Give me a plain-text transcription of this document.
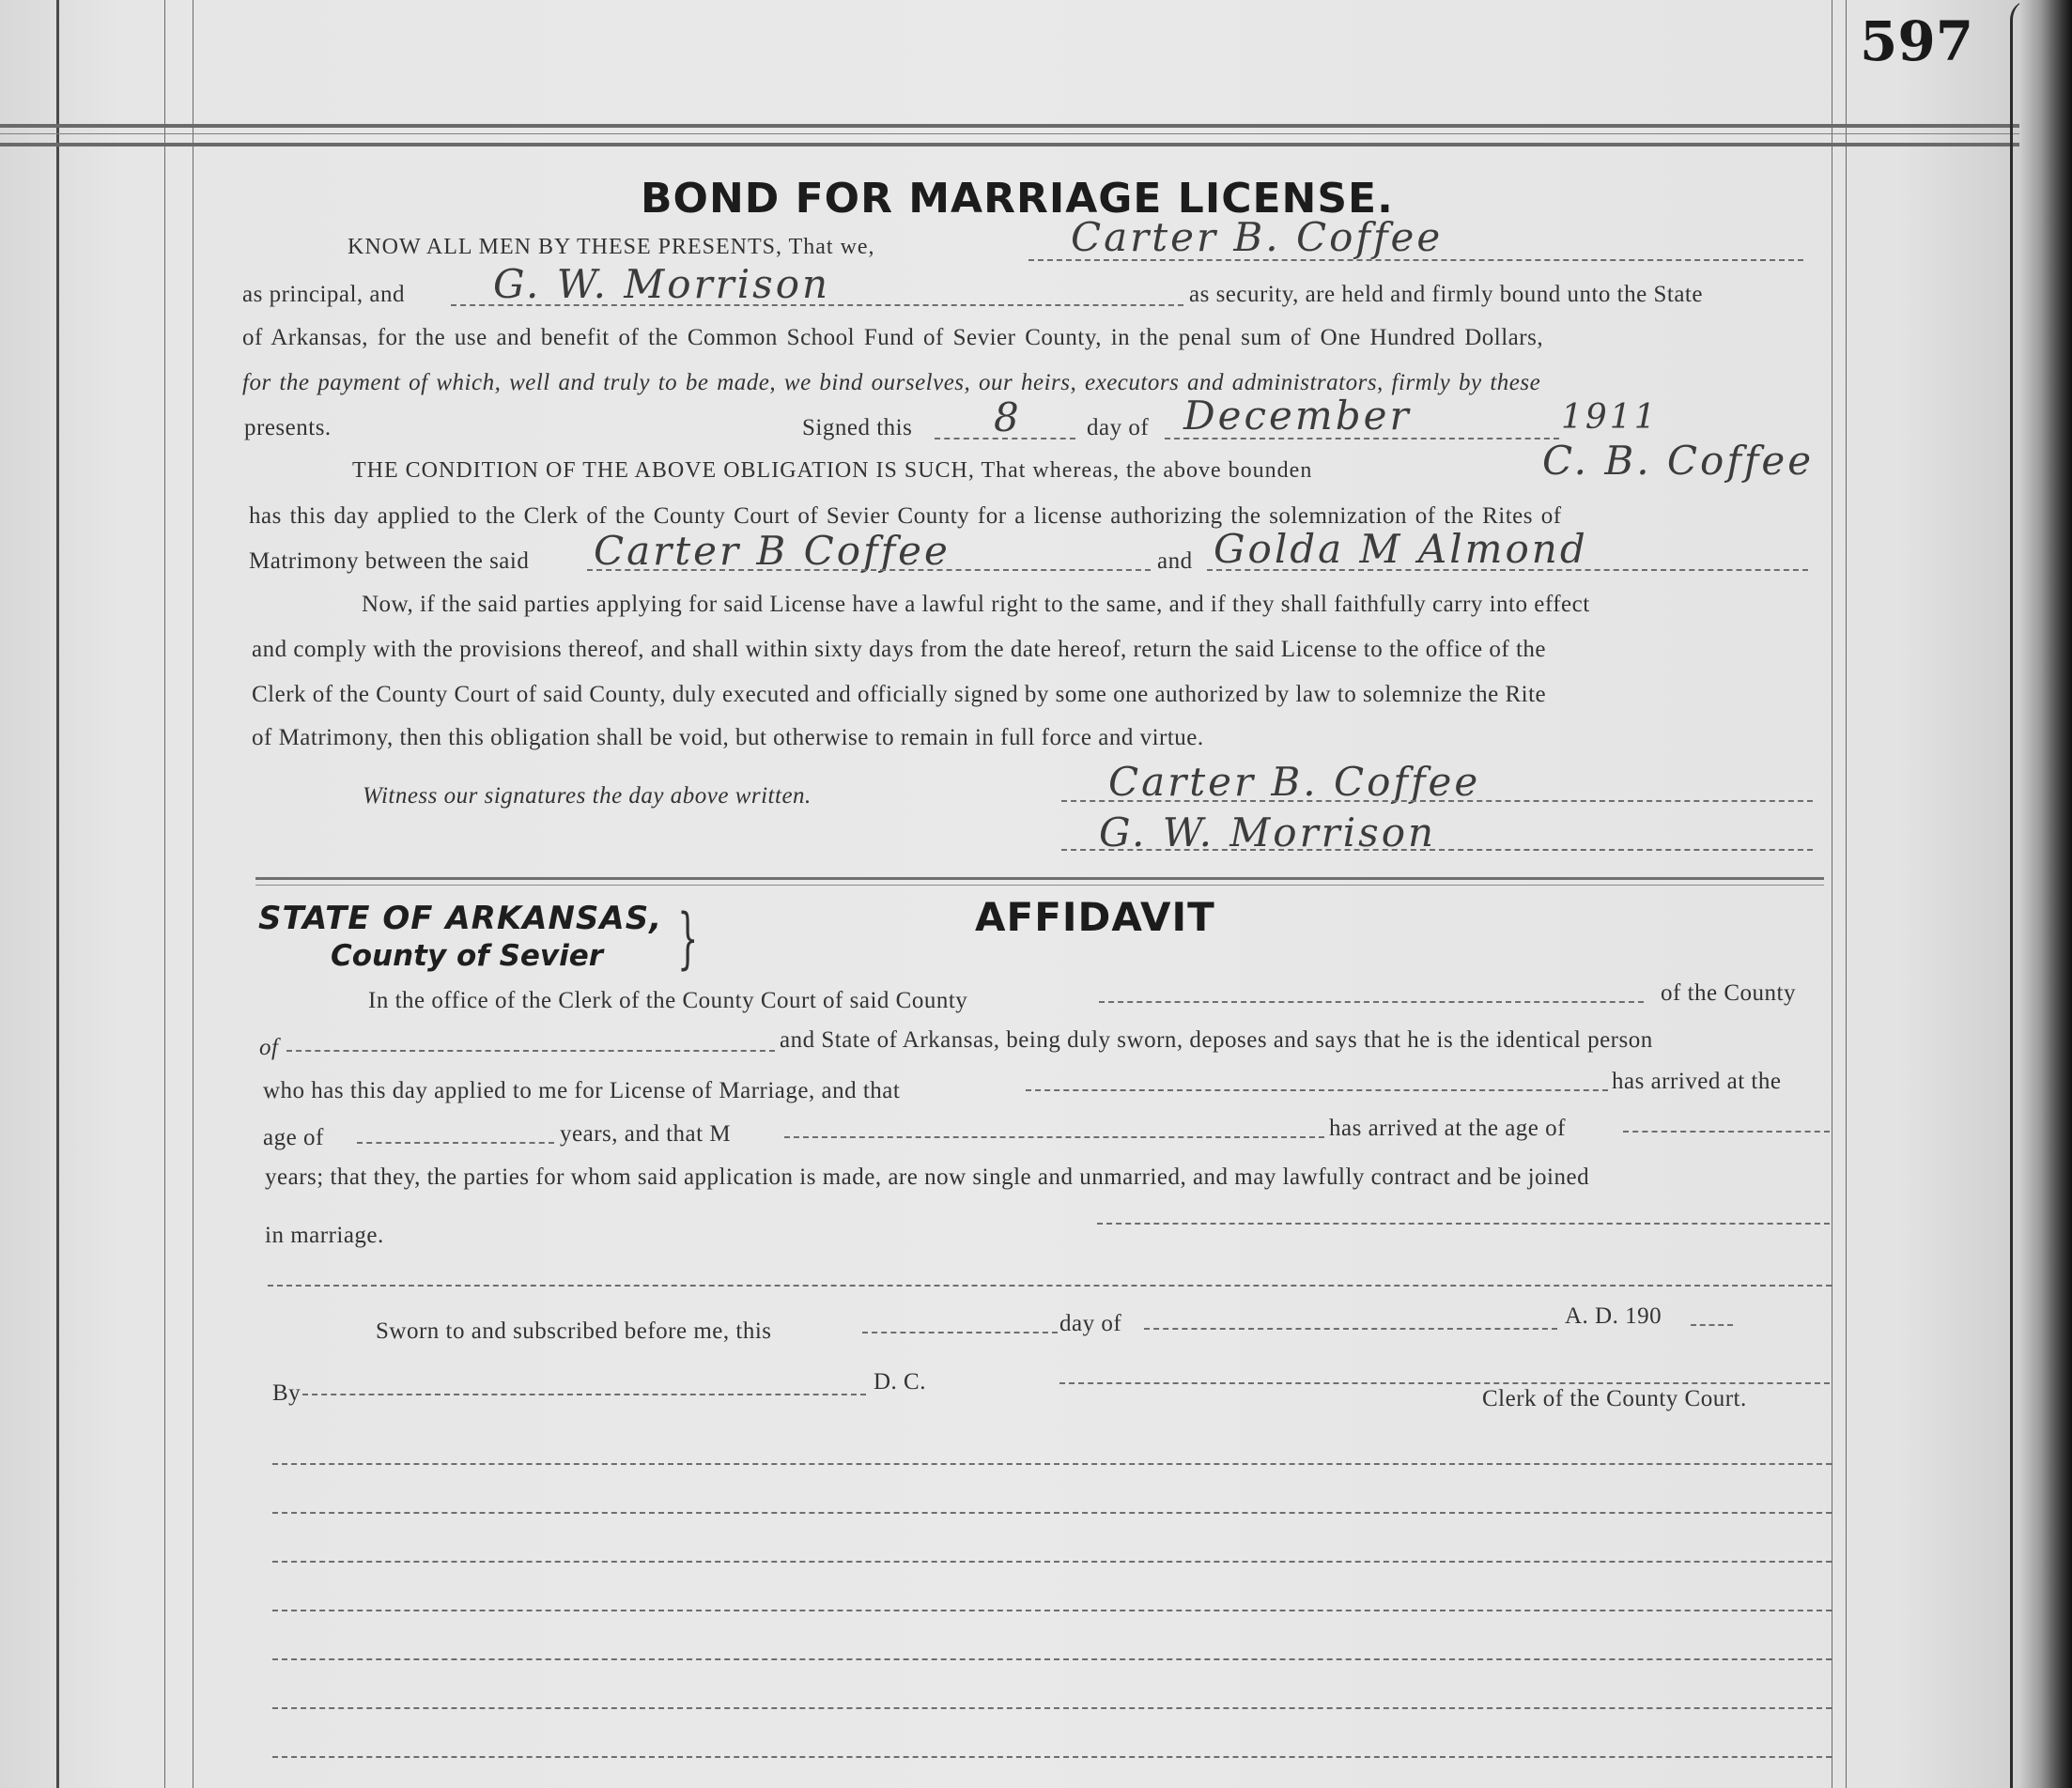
597
BOND FOR MARRIAGE LICENSE.
KNOW ALL MEN BY THESE PRESENTS, That we,	Carter B. Coffee
as principal, and G. W. Morrison	as security, are held and firmly bound unto the State
of Arkansas, for the use and benefit of the Common School Fund of Sevier County, in the penal sum of One Hundred Dollars,
for the payment of which, well and truly to be made, we bind ourselves, our heirs, executors and administrators, firmly by these
presents.	Signed this 8	day of December	1911
THE CONDITION OF THE ABOVE OBLIGATION IS SUCH, That whereas, the above bounden	C. B. Coffee
has this day applied to the Clerk of the County Court of Sevier County for a license authorizing the solemnization of the Rites of
Matrimony between the said Carter B Coffee	and Golda M Almond
Now, if the said parties applying for said License have a lawful right to the same, and if they shall faithfully carry into effect
and comply with the provisions thereof, and shall within sixty days from the date hereof, return the said License to the office of the
Clerk of the County Court of said County, duly executed and officially signed by some one authorized by law to solemnize the Rite
of Matrimony, then this obligation shall be void, but otherwise to remain in full force and virtue.
Witness our signatures the day above written.	Carter B. Coffee
G. W. Morrison
STATE OF ARKANSAS,
County of Sevier }	AFFIDAVIT
In the office of the Clerk of the County Court of said County	of the County
of	and State of Arkansas, being duly sworn, deposes and says that he is the identical person
who has this day applied to me for License of Marriage, and that	has arrived at the
age of	years, and that M	has arrived at the age of
years; that they, the parties for whom said application is made, are now single and unmarried, and may lawfully contract and be joined
in marriage.
Sworn to and subscribed before me, this	day of	A. D. 190
By	D. C.
Clerk of the County Court.
